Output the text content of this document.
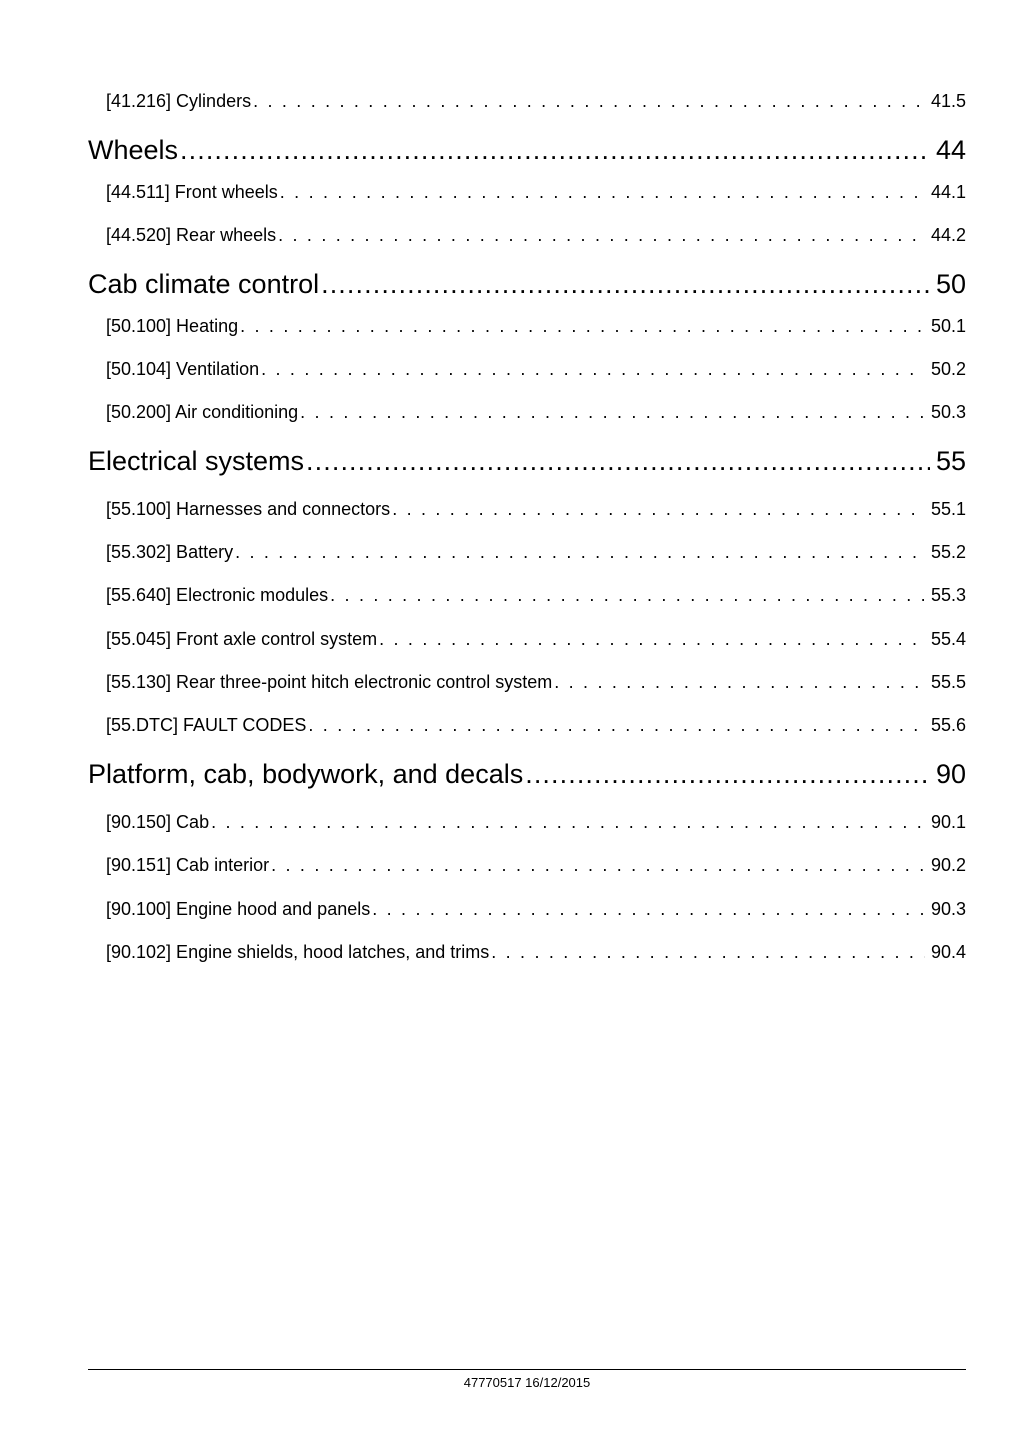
[41.216] Cylinders . . .	41.5
Wheels .....	44
[44.511] Front wheels . . .	44.1
[44.520] Rear wheels . . .	44.2
Cab climate control .....	50
[50.100] Heating . . .	50.1
[50.104] Ventilation . . .	50.2
[50.200] Air conditioning . . .	50.3
Electrical systems .....	55
[55.100] Harnesses and connectors . . .	55.1
[55.302] Battery . . .	55.2
[55.640] Electronic modules . . .	55.3
[55.045] Front axle control system . . .	55.4
[55.130] Rear three-point hitch electronic control system . . .	55.5
[55.DTC] FAULT CODES . . .	55.6
Platform, cab, bodywork, and decals .....	90
[90.150] Cab . . .	90.1
[90.151] Cab interior . . .	90.2
[90.100] Engine hood and panels . . .	90.3
[90.102] Engine shields, hood latches, and trims . . .	90.4
47770517 16/12/2015
